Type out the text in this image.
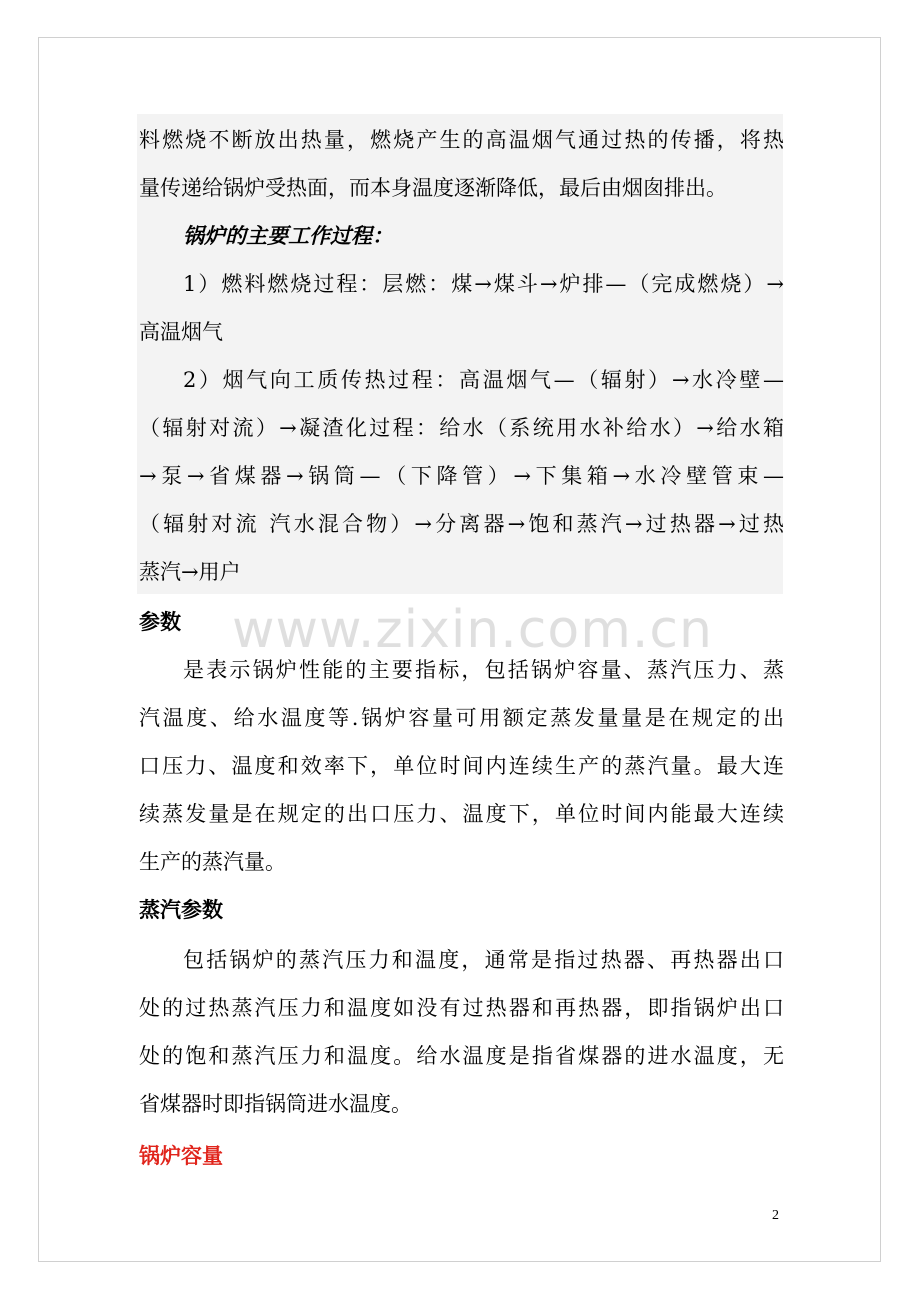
料燃烧不断放出热量，燃烧产生的高温烟气通过热的传播，将热
量传递给锅炉受热面，而本身温度逐渐降低，最后由烟囱排出。
锅炉的主要工作过程：
1）燃料燃烧过程：层燃：煤→煤斗→炉排—（完成燃烧）→
高温烟气
2）烟气向工质传热过程：高温烟气—（辐射）→水冷壁—
（辐射对流）→凝渣化过程：给水（系统用水补给水）→给水箱
→泵→省煤器→锅筒—（下降管）→下集箱→水冷壁管束—
（辐射对流 汽水混合物）→分离器→饱和蒸汽→过热器→过热
蒸汽→用户
参数
是表示锅炉性能的主要指标，包括锅炉容量、蒸汽压力、蒸
汽温度、给水温度等.锅炉容量可用额定蒸发量量是在规定的出
口压力、温度和效率下，单位时间内连续生产的蒸汽量。最大连
续蒸发量是在规定的出口压力、温度下，单位时间内能最大连续
生产的蒸汽量。
蒸汽参数
包括锅炉的蒸汽压力和温度，通常是指过热器、再热器出口
处的过热蒸汽压力和温度如没有过热器和再热器，即指锅炉出口
处的饱和蒸汽压力和温度。给水温度是指省煤器的进水温度，无
省煤器时即指锅筒进水温度。
锅炉容量
www.zixin.com.cn
2
